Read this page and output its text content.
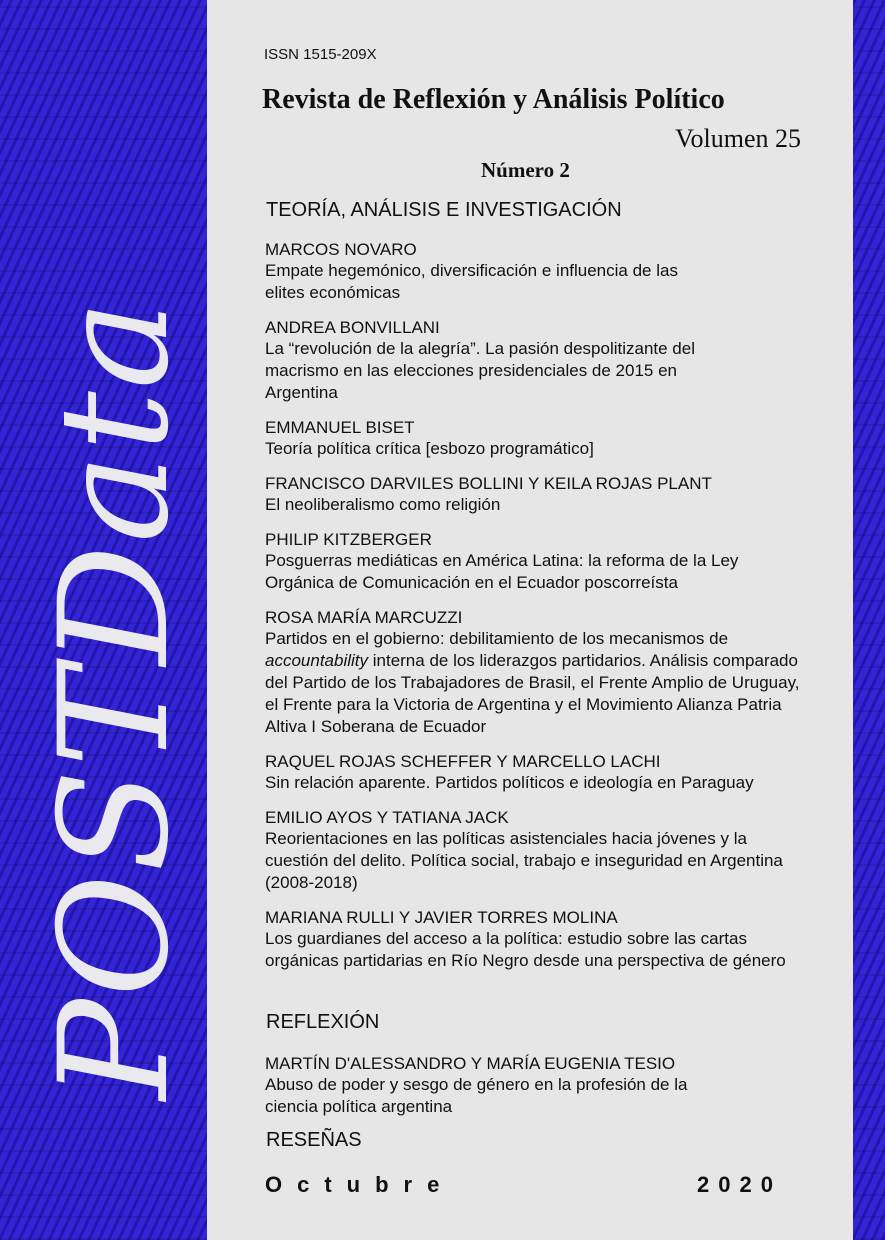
POSTData
ISSN 1515-209X
Revista de Reflexión y Análisis Político
Volumen 25
Número 2
TEORÍA, ANÁLISIS E INVESTIGACIÓN
MARCOS NOVARO
Empate hegemónico, diversificación e influencia de las elites económicas
ANDREA BONVILLANI
La “revolución de la alegría”. La pasión despolitizante del macrismo en las elecciones presidenciales de 2015 en Argentina
EMMANUEL BISET
Teoría política crítica [esbozo programático]
FRANCISCO DARVILES BOLLINI Y KEILA ROJAS PLANT
El neoliberalismo como religión
PHILIP KITZBERGER
Posguerras mediáticas en América Latina: la reforma de la Ley Orgánica de Comunicación en el Ecuador poscorreísta
ROSA MARÍA MARCUZZI
Partidos en el gobierno: debilitamiento de los mecanismos de accountability interna de los liderazgos partidarios. Análisis comparado del Partido de los Trabajadores de Brasil, el Frente Amplio de Uruguay, el Frente para la Victoria de Argentina y el Movimiento Alianza Patria Altiva I Soberana de Ecuador
RAQUEL ROJAS SCHEFFER Y MARCELLO LACHI
Sin relación aparente. Partidos políticos e ideología en Paraguay
EMILIO AYOS Y TATIANA JACK
Reorientaciones en las políticas asistenciales hacia jóvenes y la cuestión del delito. Política social, trabajo e inseguridad en Argentina (2008-2018)
MARIANA RULLI Y JAVIER TORRES MOLINA
Los guardianes del acceso a la política: estudio sobre las cartas orgánicas partidarias en Río Negro desde una perspectiva de género
REFLEXIÓN
MARTÍN D'ALESSANDRO Y MARÍA EUGENIA TESIO
Abuso de poder y sesgo de género en la profesión de la ciencia política argentina
RESEÑAS
Octubre	2020
